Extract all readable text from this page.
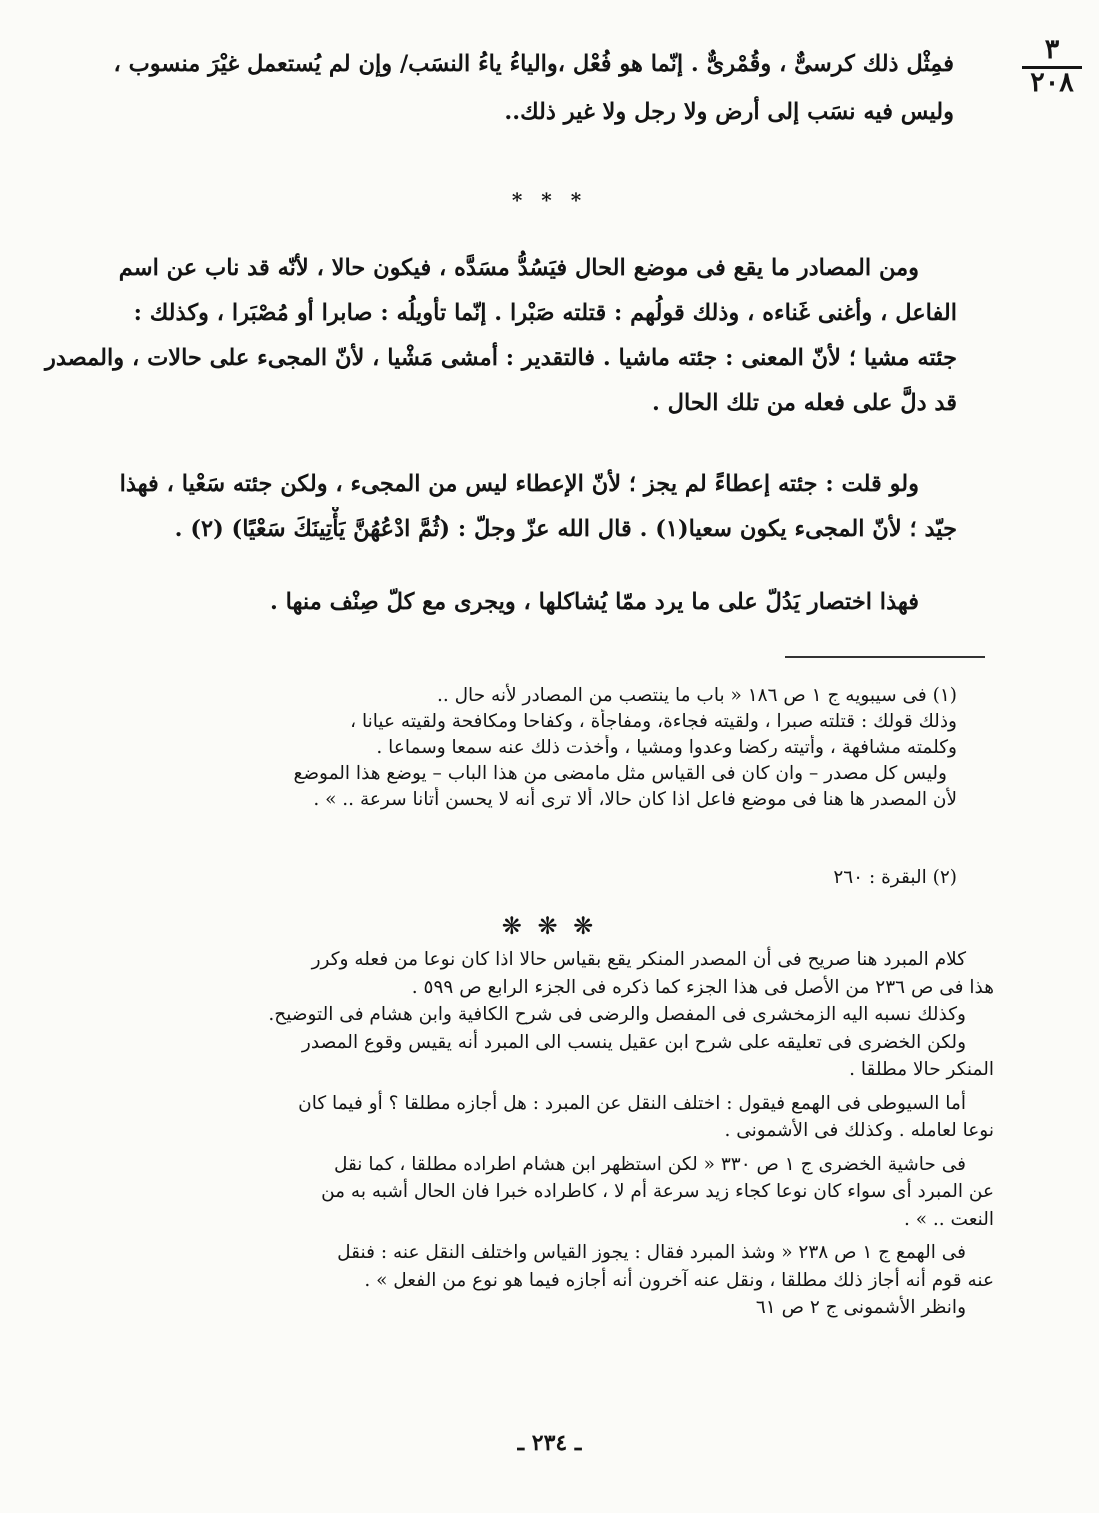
٣
٢٠٨
فمِثْل ذلك كرسىٌّ ، وقُمْرىٌّ . إنّما هو فُعْل ،والياءُ ياءُ النسَب/ وإن لم يُستعمل غيْرَ منسوب ،
وليس فيه نسَب إلى أرض ولا رجل ولا غير ذلك..
* * *
ومن المصادر ما يقع فى موضع الحال فيَسُدُّ مسَدَّه ، فيكون حالا ، لأنّه قد ناب عن اسم
الفاعل ، وأغنى غَناءه ، وذلك قولُهم : قتلته صَبْرا . إنّما تأويلُه : صابرا أو مُصْبَرا ، وكذلك :
جئته مشيا ؛ لأنّ المعنى : جئته ماشيا . فالتقدير : أمشى مَشْيا ، لأنّ المجىء على حالات ، والمصدر
قد دلَّ على فعله من تلك الحال .
ولو قلت : جئته إعطاءً لم يجز ؛ لأنّ الإعطاء ليس من المجىء ، ولكن جئته سَعْيا ، فهذا
جيّد ؛ لأنّ المجىء يكون سعيا(١) . قال الله عزّ وجلّ : (ثُمَّ ادْعُهُنَّ يَأْتِينَكَ سَعْيًا) (٢) .
فهذا اختصار يَدُلّ على ما يرد ممّا يُشاكلها ، ويجرى مع كلّ صِنْف منها .
(١) فى سيبويه ج ١ ص ١٨٦ « باب ما ينتصب من المصادر لأنه حال ..
وذلك قولك : قتلته صبرا ، ولقيته فجاءة، ومفاجأة ، وكفاحا ومكافحة ولقيته عيانا ،
وكلمته مشافهة ، وأتيته ركضا وعدوا ومشيا ، وأخذت ذلك عنه سمعا وسماعا .
وليس كل مصدر – وان كان فى القياس مثل مامضى من هذا الباب – يوضع هذا الموضع
لأن المصدر ها هنا فى موضع فاعل اذا كان حالا، ألا ترى أنه لا يحسن أتانا سرعة .. » .
(٢) البقرة : ٢٦٠
❋ ❋ ❋
كلام المبرد هنا صريح فى أن المصدر المنكر يقع بقياس حالا اذا كان نوعا من فعله وكرر
هذا فى ص ٢٣٦ من الأصل فى هذا الجزء كما ذكره فى الجزء الرابع ص ٥٩٩ .
وكذلك نسبه اليه الزمخشرى فى المفصل والرضى فى شرح الكافية وابن هشام فى التوضيح.
ولكن الخضرى فى تعليقه على شرح ابن عقيل ينسب الى المبرد أنه يقيس وقوع المصدر
المنكر حالا مطلقا .
أما السيوطى فى الهمع فيقول : اختلف النقل عن المبرد : هل أجازه مطلقا ؟ أو فيما كان
نوعا لعامله . وكذلك فى الأشمونى .
فى حاشية الخضرى ج ١ ص ٣٣٠ « لكن استظهر ابن هشام اطراده مطلقا ، كما نقل
عن المبرد أى سواء كان نوعا كجاء زيد سرعة أم لا ، كاطراده خبرا فان الحال أشبه به من
النعت .. » .
فى الهمع ج ١ ص ٢٣٨ « وشذ المبرد فقال : يجوز القياس واختلف النقل عنه : فنقل
عنه قوم أنه أجاز ذلك مطلقا ، ونقل عنه آخرون أنه أجازه فيما هو نوع من الفعل » .
وانظر الأشمونى ج ٢ ص ٦١
ـ ٢٣٤ ـ
